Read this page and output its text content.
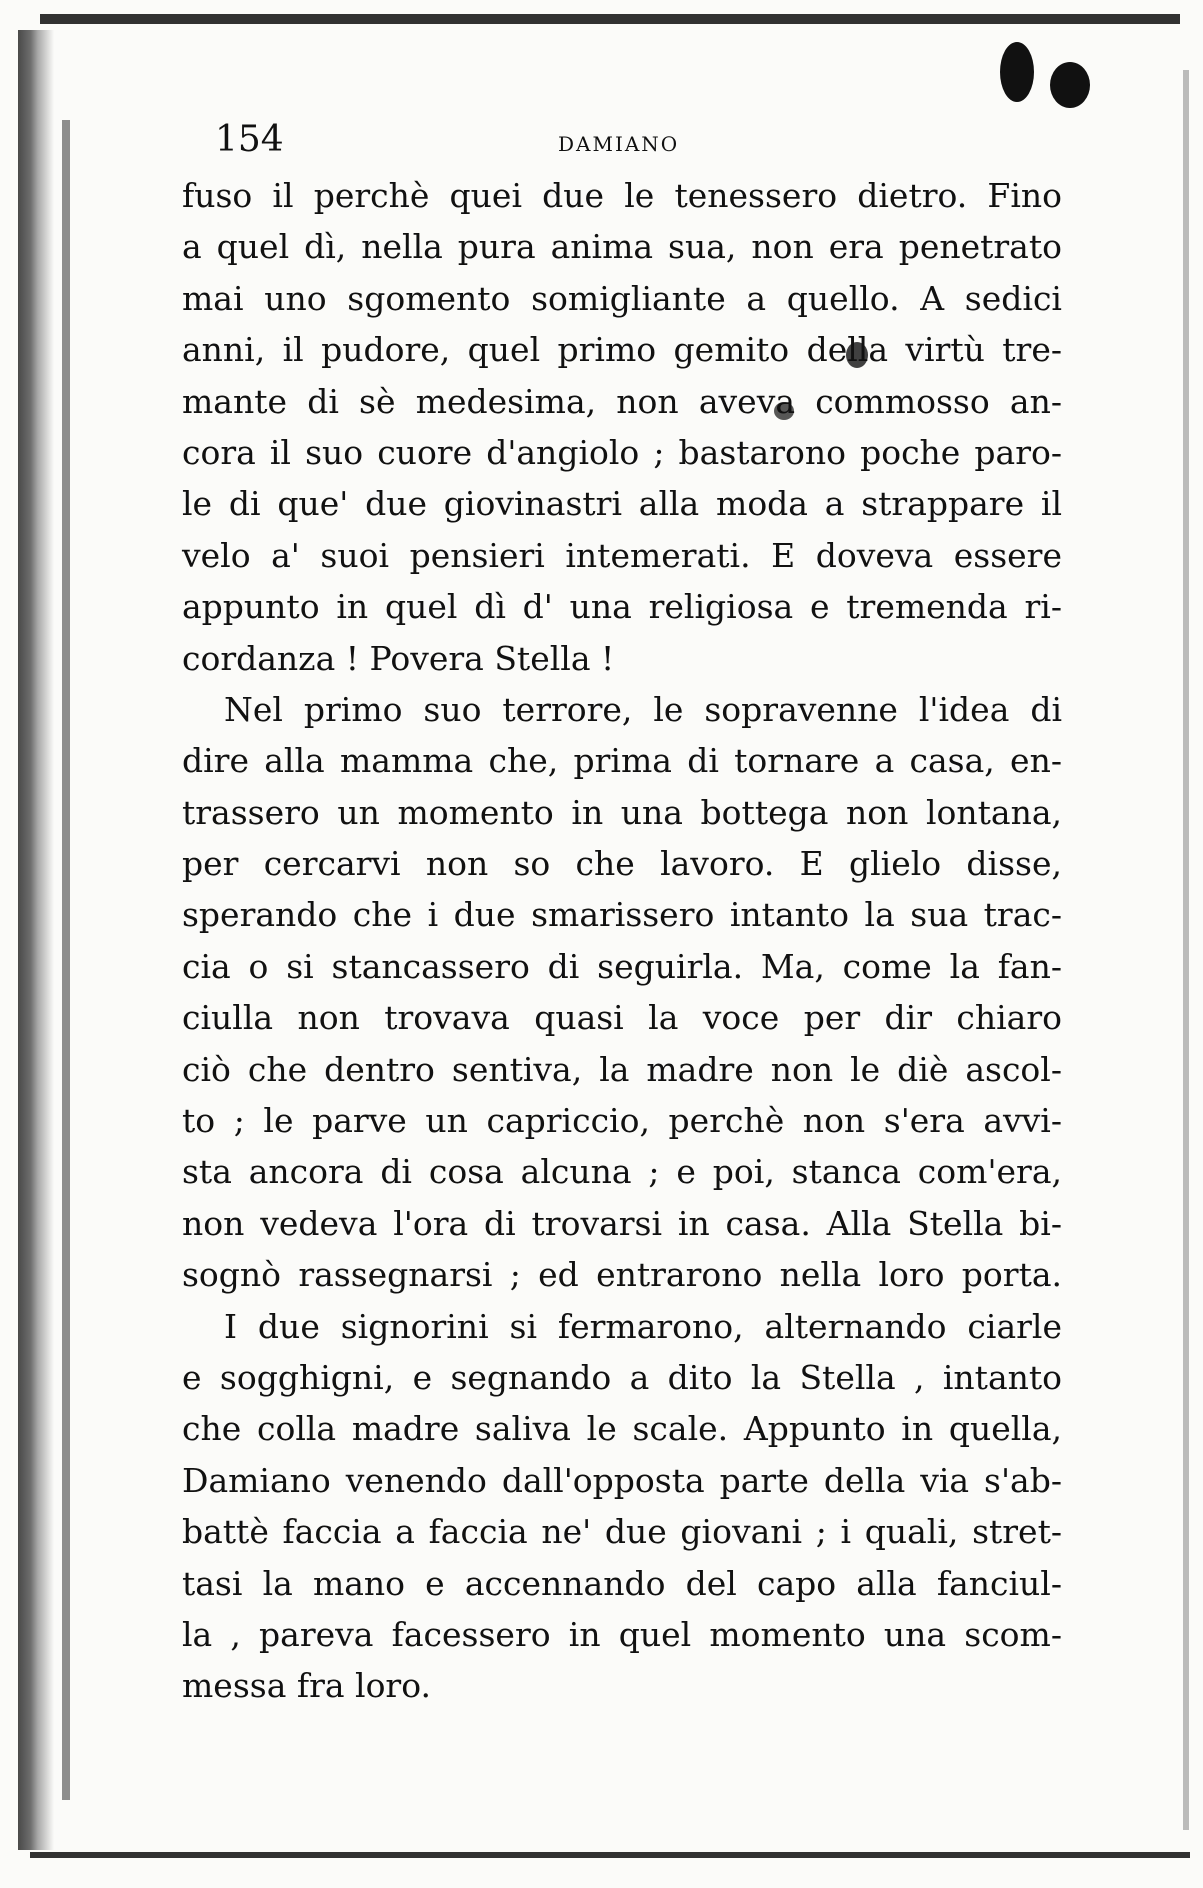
154	DAMIANO
fuso il perchè quei due le tenessero dietro. Fino
a quel dì, nella pura anima sua, non era penetrato
mai uno sgomento somigliante a quello. A sedici
anni, il pudore, quel primo gemito della virtù tre-
mante di sè medesima, non aveva commosso an-
cora il suo cuore d'angiolo ; bastarono poche paro-
le di que' due giovinastri alla moda a strappare il
velo a' suoi pensieri intemerati. E doveva essere
appunto in quel dì d' una religiosa e tremenda ri-
cordanza ! Povera Stella !
Nel primo suo terrore, le sopravenne l'idea di
dire alla mamma che, prima di tornare a casa, en-
trassero un momento in una bottega non lontana,
per cercarvi non so che lavoro. E glielo disse,
sperando che i due smarissero intanto la sua trac-
cia o si stancassero di seguirla. Ma, come la fan-
ciulla non trovava quasi la voce per dir chiaro
ciò che dentro sentiva, la madre non le diè ascol-
to ; le parve un capriccio, perchè non s'era avvi-
sta ancora di cosa alcuna ; e poi, stanca com'era,
non vedeva l'ora di trovarsi in casa. Alla Stella bi-
sognò rassegnarsi ; ed entrarono nella loro porta.
I due signorini si fermarono, alternando ciarle
e sogghigni, e segnando a dito la Stella , intanto
che colla madre saliva le scale. Appunto in quella,
Damiano venendo dall'opposta parte della via s'ab-
battè faccia a faccia ne' due giovani ; i quali, stret-
tasi la mano e accennando del capo alla fanciul-
la , pareva facessero in quel momento una scom-
messa fra loro.
